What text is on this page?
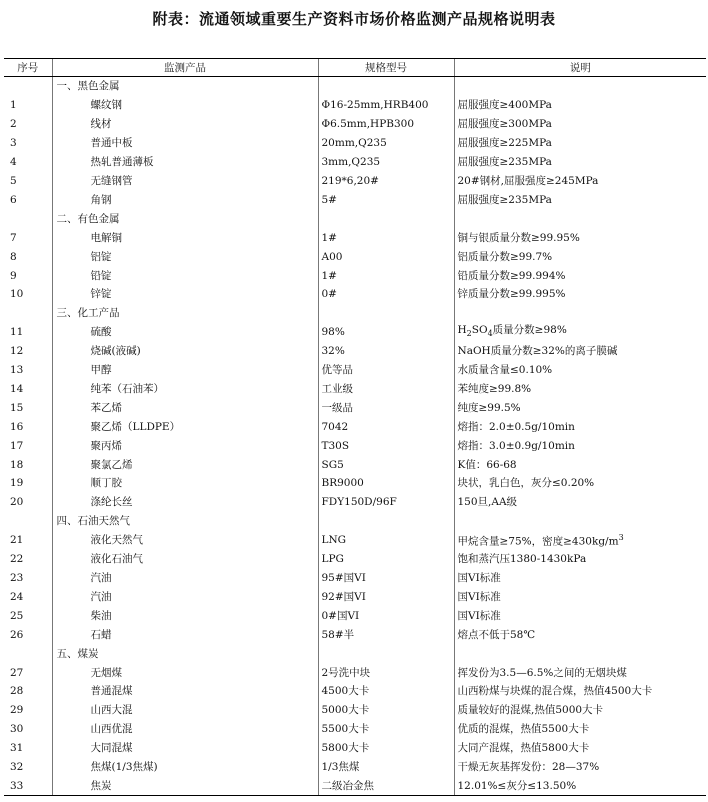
附表：流通领域重要生产资料市场价格监测产品规格说明表
序号	监测产品	规格型号	说明
	一、黑色金属		
1	螺纹钢	Φ16-25mm,HRB400	屈服强度≥400MPa
2	线材	Φ6.5mm,HPB300	屈服强度≥300MPa
3	普通中板	20mm,Q235	屈服强度≥225MPa
4	热轧普通薄板	3mm,Q235	屈服强度≥235MPa
5	无缝钢管	219*6,20#	20#钢材,屈服强度≥245MPa
6	角钢	5#	屈服强度≥235MPa
	二、有色金属		
7	电解铜	1#	铜与银质量分数≥99.95%
8	铝锭	A00	铝质量分数≥99.7%
9	铅锭	1#	铅质量分数≥99.994%
10	锌锭	0#	锌质量分数≥99.995%
	三、化工产品		
11	硫酸	98%	$H_2SO_4$质量分数≥98%
12	烧碱(液碱)	32%	NaOH质量分数≥32%的离子膜碱
13	甲醇	优等品	水质量含量≤0.10%
14	纯苯（石油苯）	工业级	苯纯度≥99.8%
15	苯乙烯	一级品	纯度≥99.5%
16	聚乙烯（LLDPE）	7042	熔指：2.0±0.5g/10min
17	聚丙烯	T30S	熔指：3.0±0.9g/10min
18	聚氯乙烯	SG5	K值：66-68
19	顺丁胶	BR9000	块状，乳白色，灰分≤0.20%
20	涤纶长丝	FDY150D/96F	150旦,AA级
	四、石油天然气		
21	液化天然气	LNG	甲烷含量≥75%，密度$\ge 430kg/m^3$
22	液化石油气	LPG	饱和蒸汽压1380-1430kPa
23	汽油	95#国VI	国VI标准
24	汽油	92#国VI	国VI标准
25	柴油	0#国VI	国VI标准
26	石蜡	58#半	熔点不低于58℃
	五、煤炭		
27	无烟煤	2号洗中块	挥发份为3.5—6.5%之间的无烟块煤
28	普通混煤	4500大卡	山西粉煤与块煤的混合煤，热值4500大卡
29	山西大混	5000大卡	质量较好的混煤,热值5000大卡
30	山西优混	5500大卡	优质的混煤，热值5500大卡
31	大同混煤	5800大卡	大同产混煤，热值5800大卡
32	焦煤(1/3焦煤)	1/3焦煤	干燥无灰基挥发份：28—37%
33	焦炭	二级冶金焦	12.01%≤灰分≤13.50%
